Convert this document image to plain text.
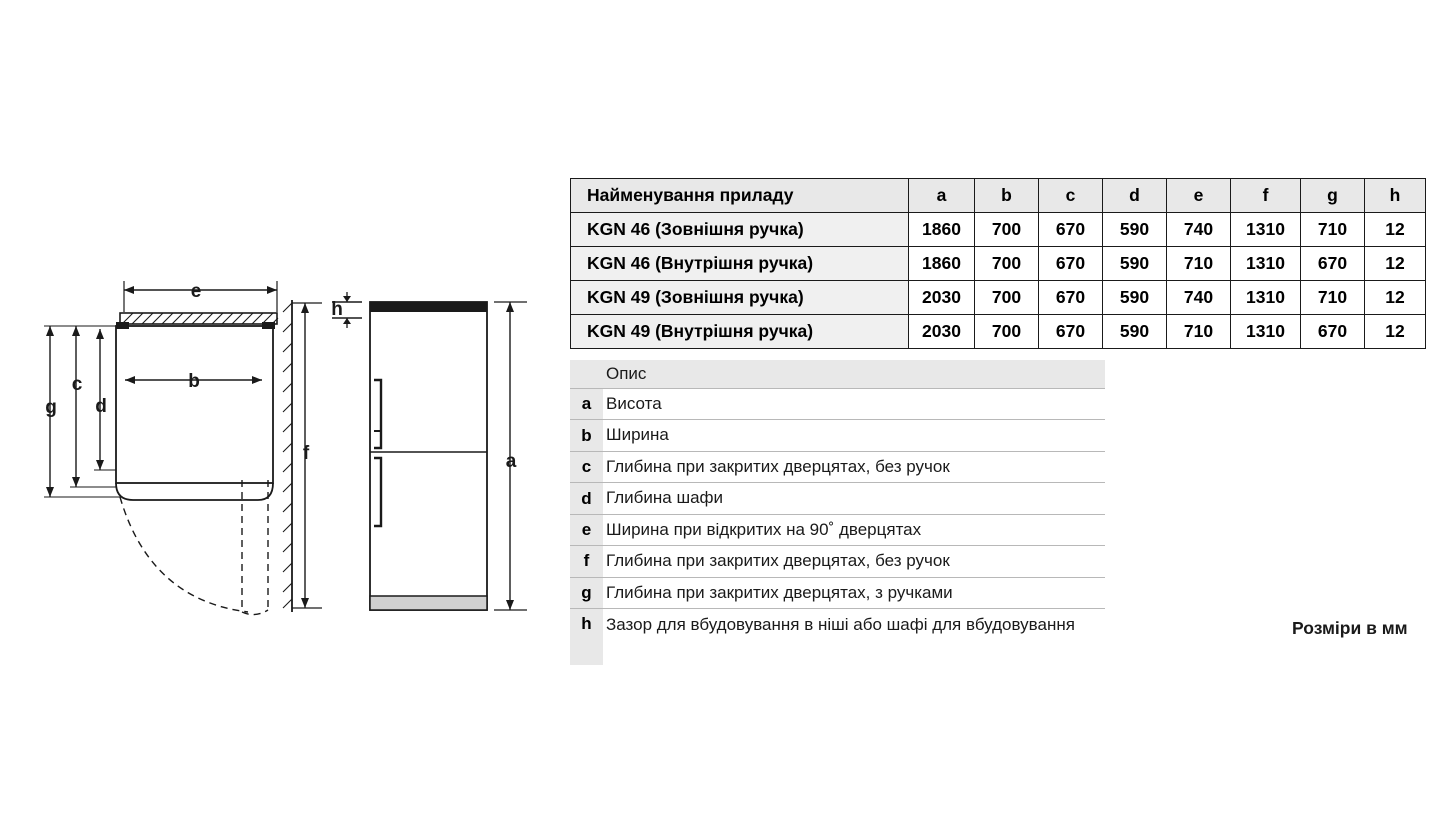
e
b
g
c
d
f
h
a
Найменування приладу	a	b	c	d	e	f	g	h
KGN 46 (Зовнішня ручка)	1860	700	670	590	740	1310	710	12
KGN 46 (Внутрішня ручка)	1860	700	670	590	710	1310	670	12
KGN 49 (Зовнішня ручка)	2030	700	670	590	740	1310	710	12
KGN 49 (Внутрішня ручка)	2030	700	670	590	710	1310	670	12
Опис
a Висота
b Ширина
c Глибина при закритих дверцятах, без ручок
d Глибина шафи
e Ширина при відкритих на 90˚ дверцятах
f Глибина при закритих дверцятах, без ручок
g Глибина при закритих дверцятах, з ручками
h Зазор для вбудовування в ніші або шафі для вбудовування	Розміри в мм
